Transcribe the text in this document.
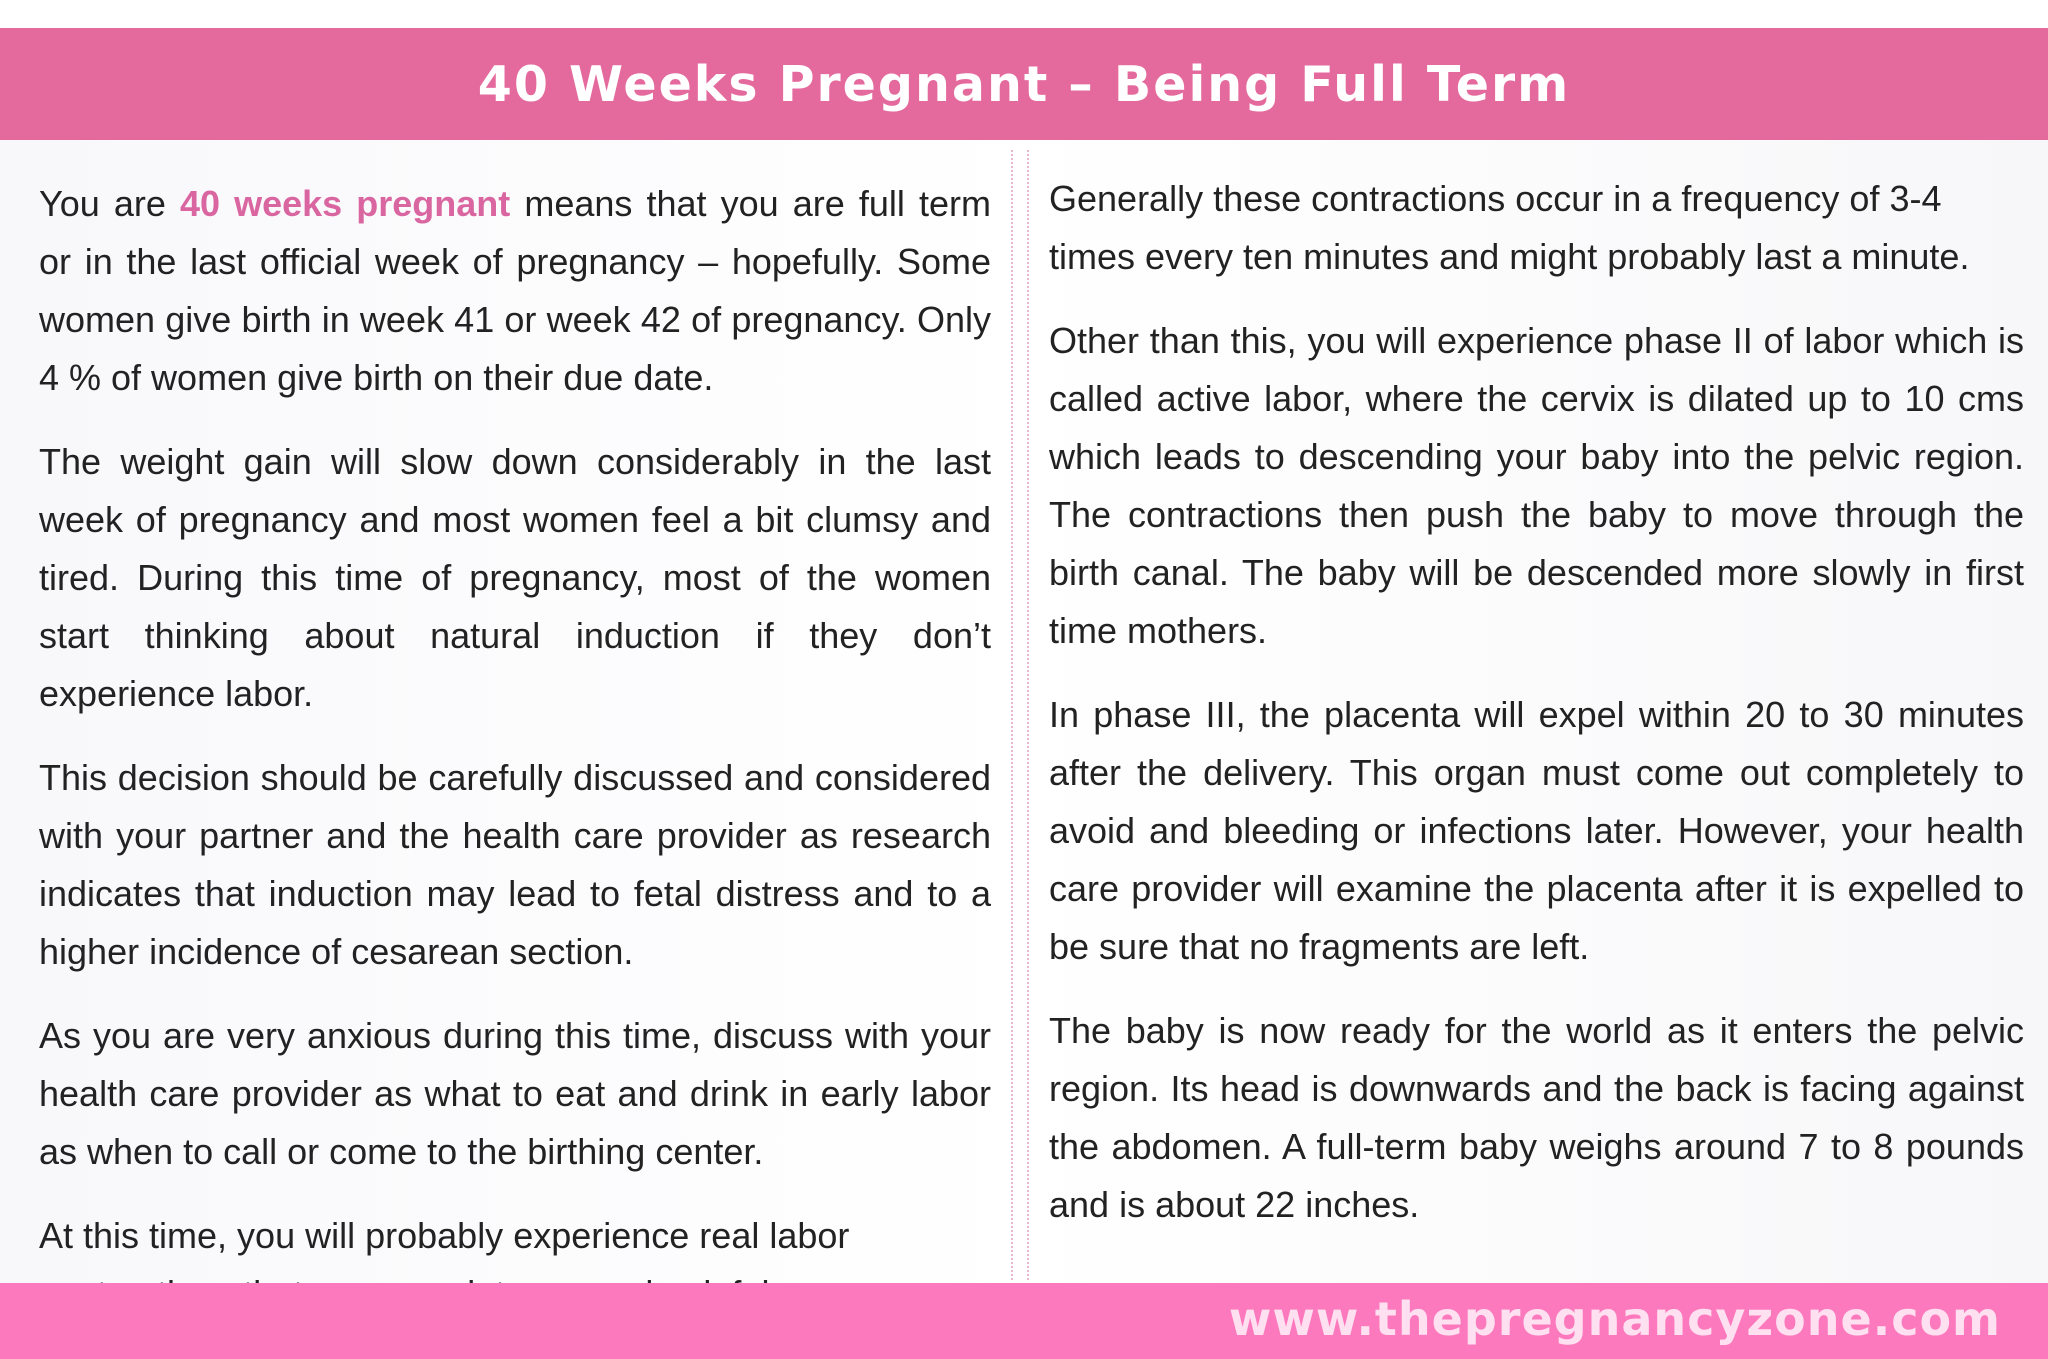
40 Weeks Pregnant – Being Full Term

You are 40 weeks pregnant means that you are full term or in the last official week of pregnancy – hopefully. Some women give birth in week 41 or week 42 of pregnancy. Only 4 % of women give birth on their due date.

The weight gain will slow down considerably in the last week of pregnancy and most women feel a bit clumsy and tired. During this time of pregnancy, most of the women start thinking about natural induction if they don’t experience labor.

This decision should be carefully discussed and considered with your partner and the health care provider as research indicates that induction may lead to fetal distress and to a higher incidence of cesarean section.

As you are very anxious during this time, discuss with your health care provider as what to eat and drink in early labor as when to call or come to the birthing center.

At this time, you will probably experience real labor

Generally these contractions occur in a frequency of 3-4 times every ten minutes and might probably last a minute.

Other than this, you will experience phase II of labor which is called active labor, where the cervix is dilated up to 10 cms which leads to descending your baby into the pelvic region. The contractions then push the baby to move through the birth canal. The baby will be descended more slowly in first time mothers.

In phase III, the placenta will expel within 20 to 30 minutes after the delivery. This organ must come out completely to avoid and bleeding or infections later. However, your health care provider will examine the placenta after it is expelled to be sure that no fragments are left.

The baby is now ready for the world as it enters the pelvic region. Its head is downwards and the back is facing against the abdomen. A full-term baby weighs around 7 to 8 pounds and is about 22 inches.

www.thepregnancyzone.com
